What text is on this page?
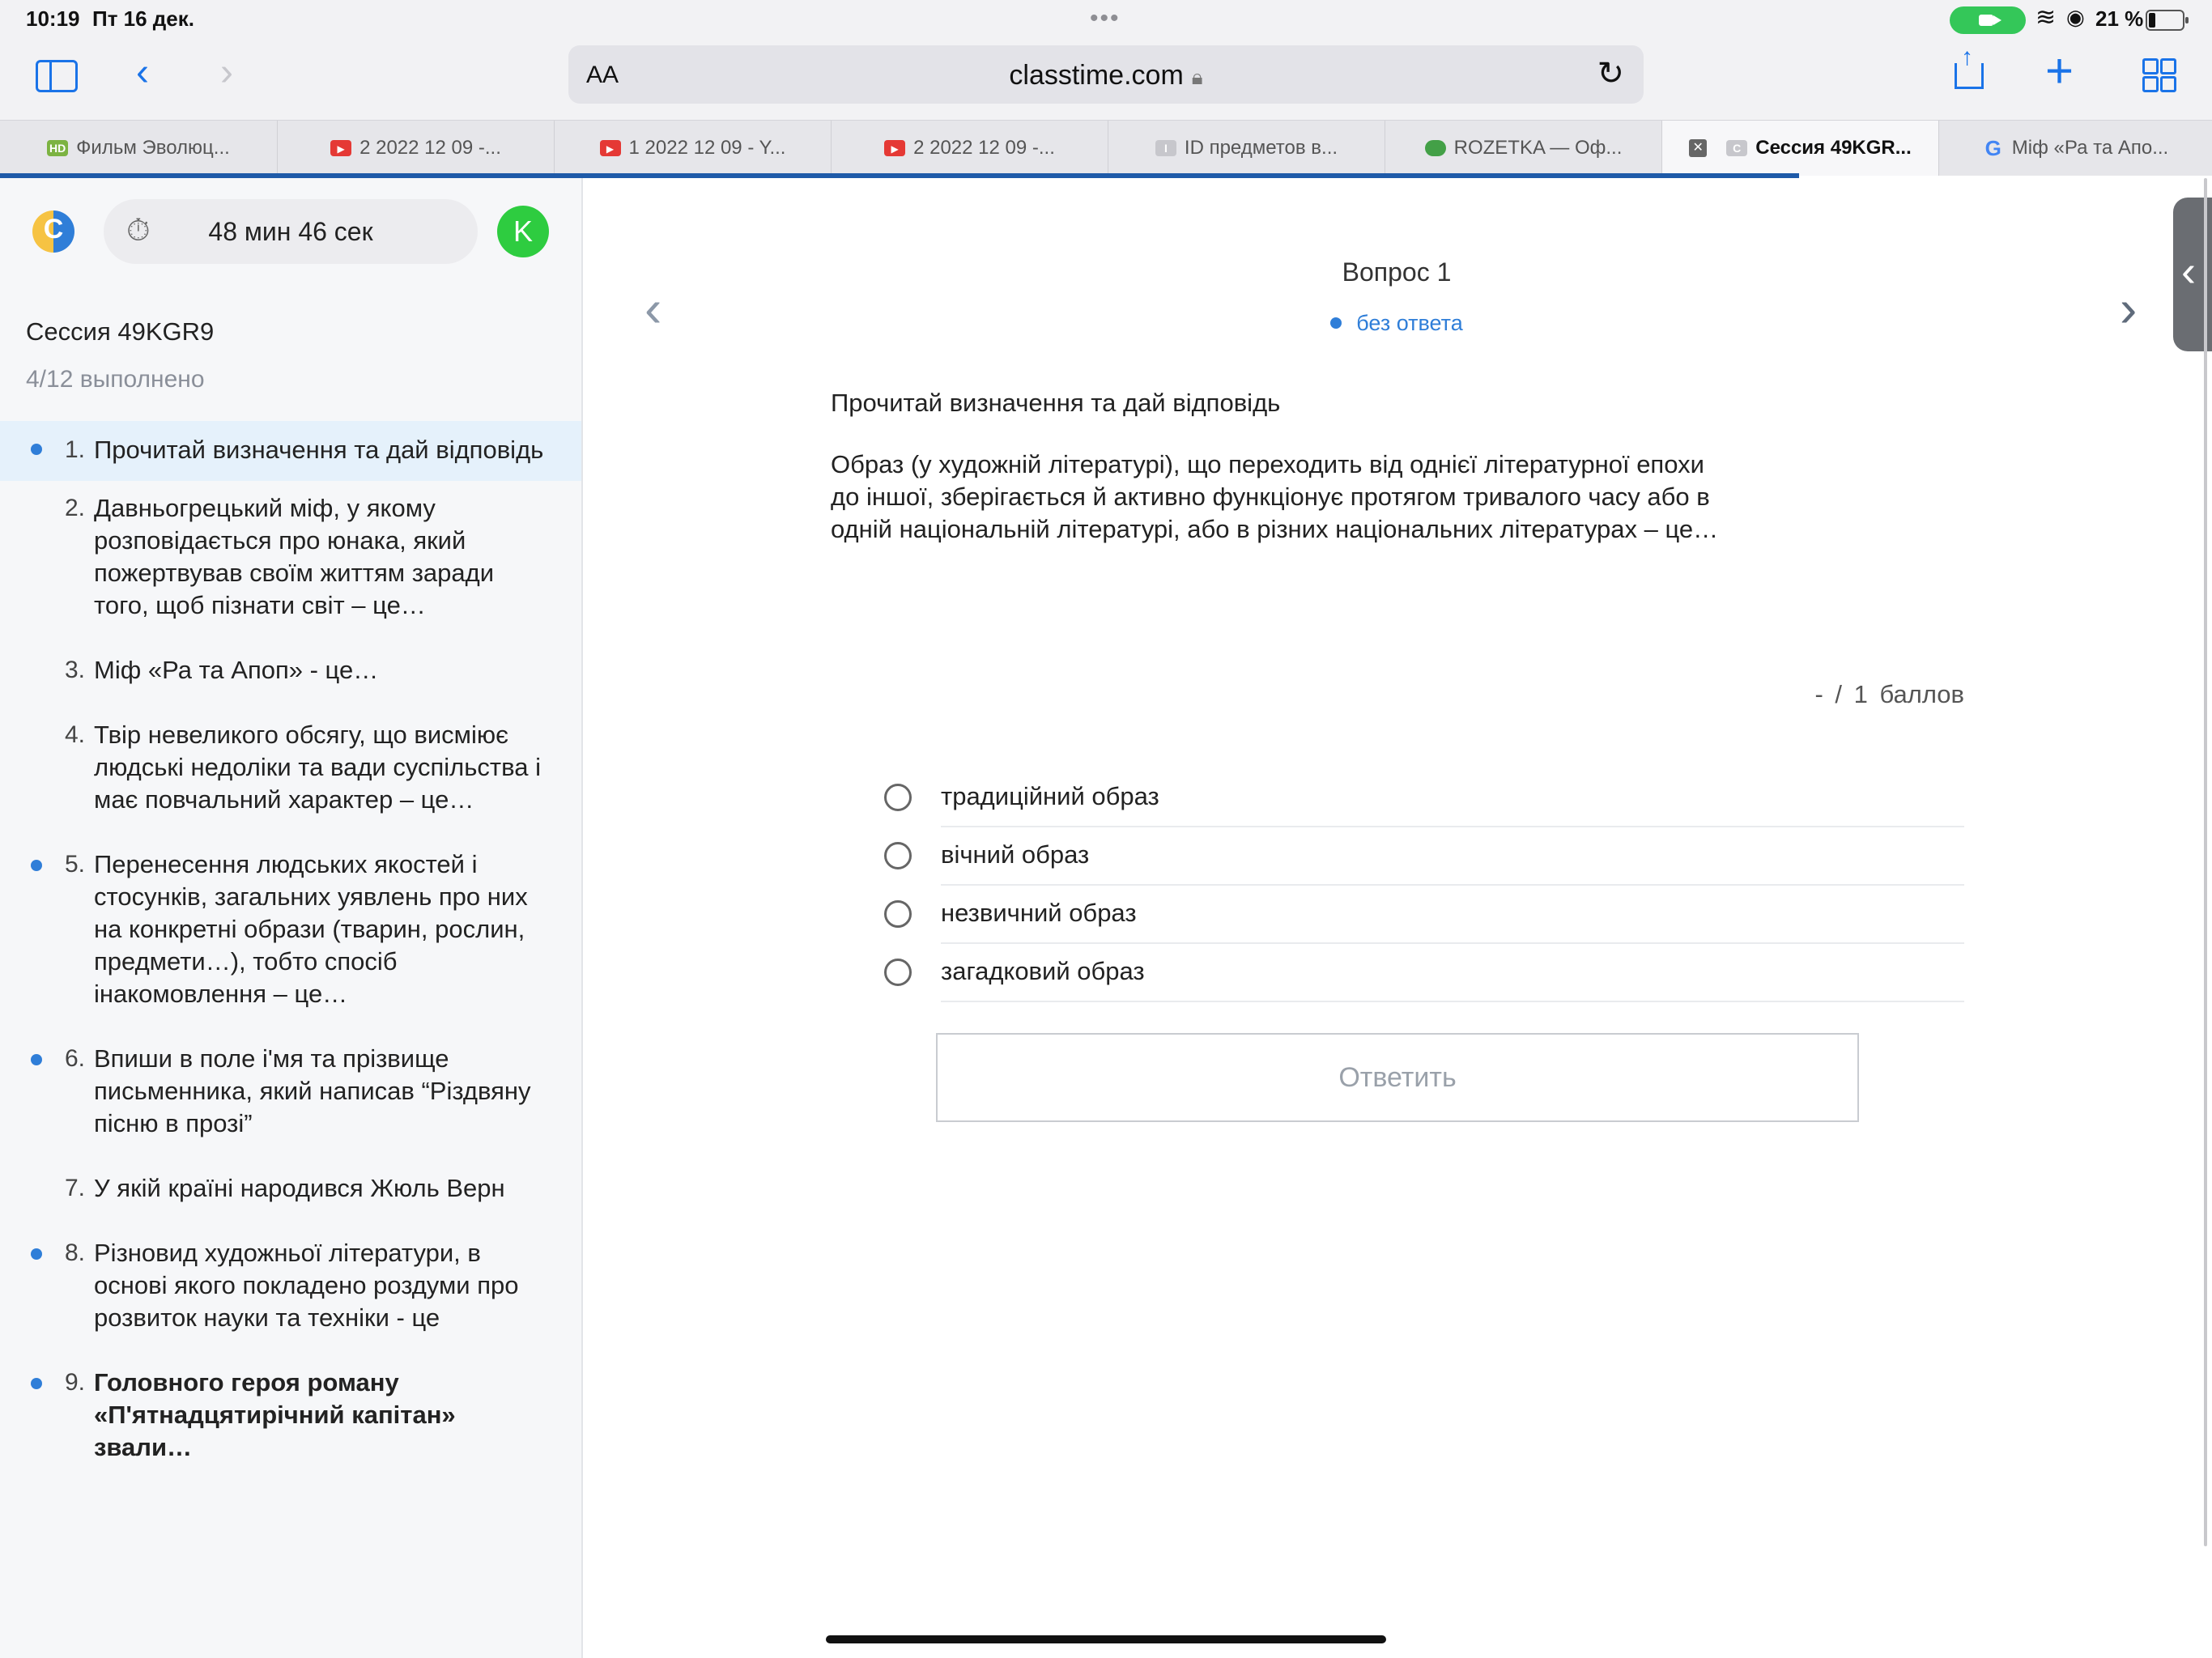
10:19 Пт 16 дек.	•••	≋ ◉ 21 %
‹ ›	AA	classtime.com 🔒︎	↻	↑ +
HD Фильм Эволюц... ▶	2 2022 12 09 -... ▶	1 2022 12 09 - Y... ▶	2 2022 12 09 -...	I ID предметов в...	ROZETKA — Оф...	✕	C Сессия 49KGR...	G Міф «Ра та Апо...
C
⏱︎	48 мин 46 сек	K
Сессия 49KGR9
4/12 выполнено
1. Прочитай визначення та дай відповідь
2. Давньогрецький міф, у якому розповідається про юнака, який пожертвував своїм життям заради того, щоб пізнати світ – це…
3. Міф «Ра та Апоп» - це…
4. Твір невеликого обсягу, що висміює людські недоліки та вади суспільства і має повчальний характер – це…
5. Перенесення людських якостей і стосунків, загальних уявлень про них на конкретні образи (тварин, рослин, предмети…), тобто спосіб інакомовлення – це…
6. Впиши в поле і'мя та прізвище письменника, який написав “Різдвяну пісню в прозі”
7. У якій країні народився Жюль Верн
8. Різновид художньої літератури, в основі якого покладено роздуми про розвиток науки та техніки - це
9. Головного героя роману «П'ятнадцятирічний капітан» звали…
‹	›
‹
Вопрос 1
без ответа
Прочитай визначення та дай відповідь
Образ (у художній літературі), що переходить від однієї літературної епохи до іншої, зберігається й активно функціонує протягом тривалого часу або в одній національній літературі, або в різних національних літературах – це…
- / 1 баллов
традиційний образ
вічний образ
незвичний образ
загадковий образ
Ответить
